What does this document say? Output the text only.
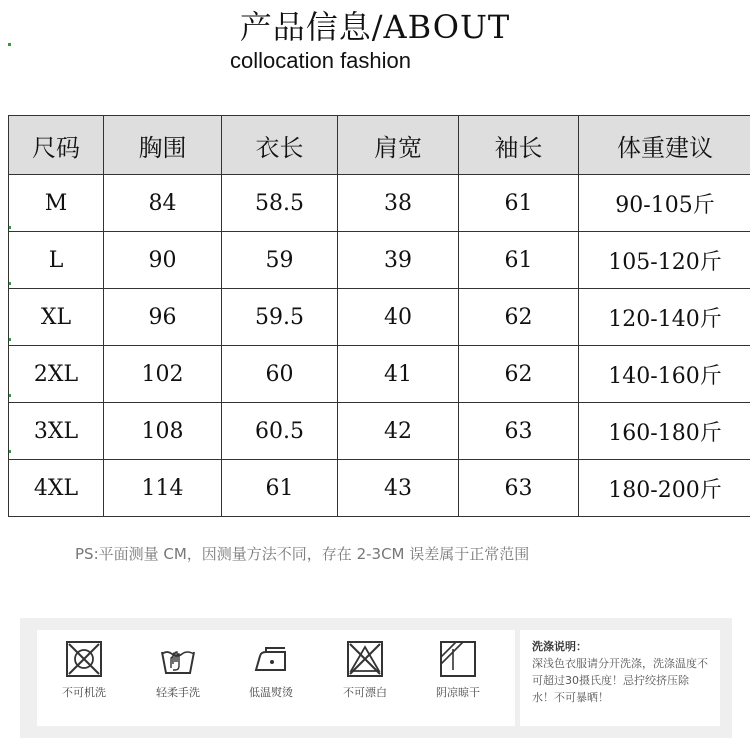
产品信息/ABOUT
collocation fashion
尺码	胸围	衣长	肩宽	袖长	体重建议
M	84	58.5	38	61	90-105斤
L	90	59	39	61	105-120斤
XL	96	59.5	40	62	120-140斤
2XL	102	60	41	62	140-160斤
3XL	108	60.5	42	63	160-180斤
4XL	114	61	43	63	180-200斤
PS:平面测量 CM，因测量方法不同，存在 2-3CM 误差属于正常范围
不可机洗	轻柔手洗	低温熨烫	不可漂白	阴凉晾干
洗涤说明：
深浅色衣服请分开洗涤，洗涤温度不可超过30摄氏度！忌拧绞挤压除水！不可暴晒！
